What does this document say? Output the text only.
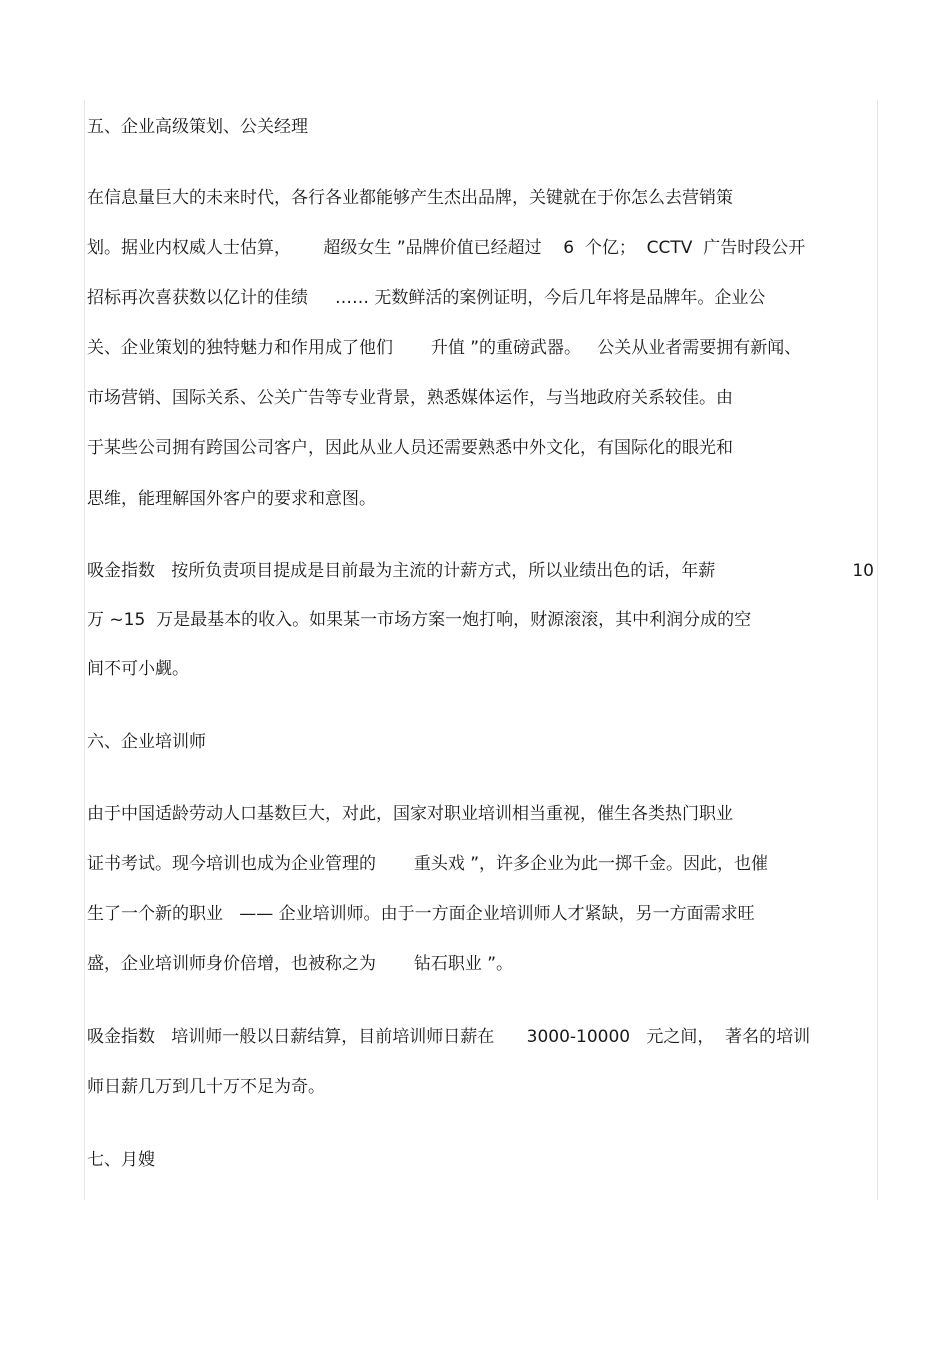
五、企业高级策划、公关经理
在信息量巨大的未来时代，各行各业都能够产生杰出品牌，关键就在于你怎么去营销策
划。据业内权威人士估算，      超级女生 ”品牌价值已经超过    6  个亿；  CCTV  广告时段公开
招标再次喜获数以亿计的佳绩     …… 无数鲜活的案例证明，今后几年将是品牌年。企业公
关、企业策划的独特魅力和作用成了他们       升值 ”的重磅武器。   公关从业者需要拥有新闻、
市场营销、国际关系、公关广告等专业背景，熟悉媒体运作，与当地政府关系较佳。由
于某些公司拥有跨国公司客户，因此从业人员还需要熟悉中外文化，有国际化的眼光和
思维，能理解国外客户的要求和意图。
吸金指数   按所负责项目提成是目前最为主流的计薪方式，所以业绩出色的话，年薪	10
万 ~15  万是最基本的收入。如果某一市场方案一炮打响，财源滚滚，其中利润分成的空
间不可小觑。
六、企业培训师
由于中国适龄劳动人口基数巨大，对此，国家对职业培训相当重视，催生各类热门职业
证书考试。现今培训也成为企业管理的       重头戏 ”，许多企业为此一掷千金。因此，也催
生了一个新的职业   —— 企业培训师。由于一方面企业培训师人才紧缺，另一方面需求旺
盛，企业培训师身价倍增，也被称之为       钻石职业 ”。
吸金指数   培训师一般以日薪结算，目前培训师日薪在      3000-10000   元之间，  著名的培训
师日薪几万到几十万不足为奇。
七、月嫂
